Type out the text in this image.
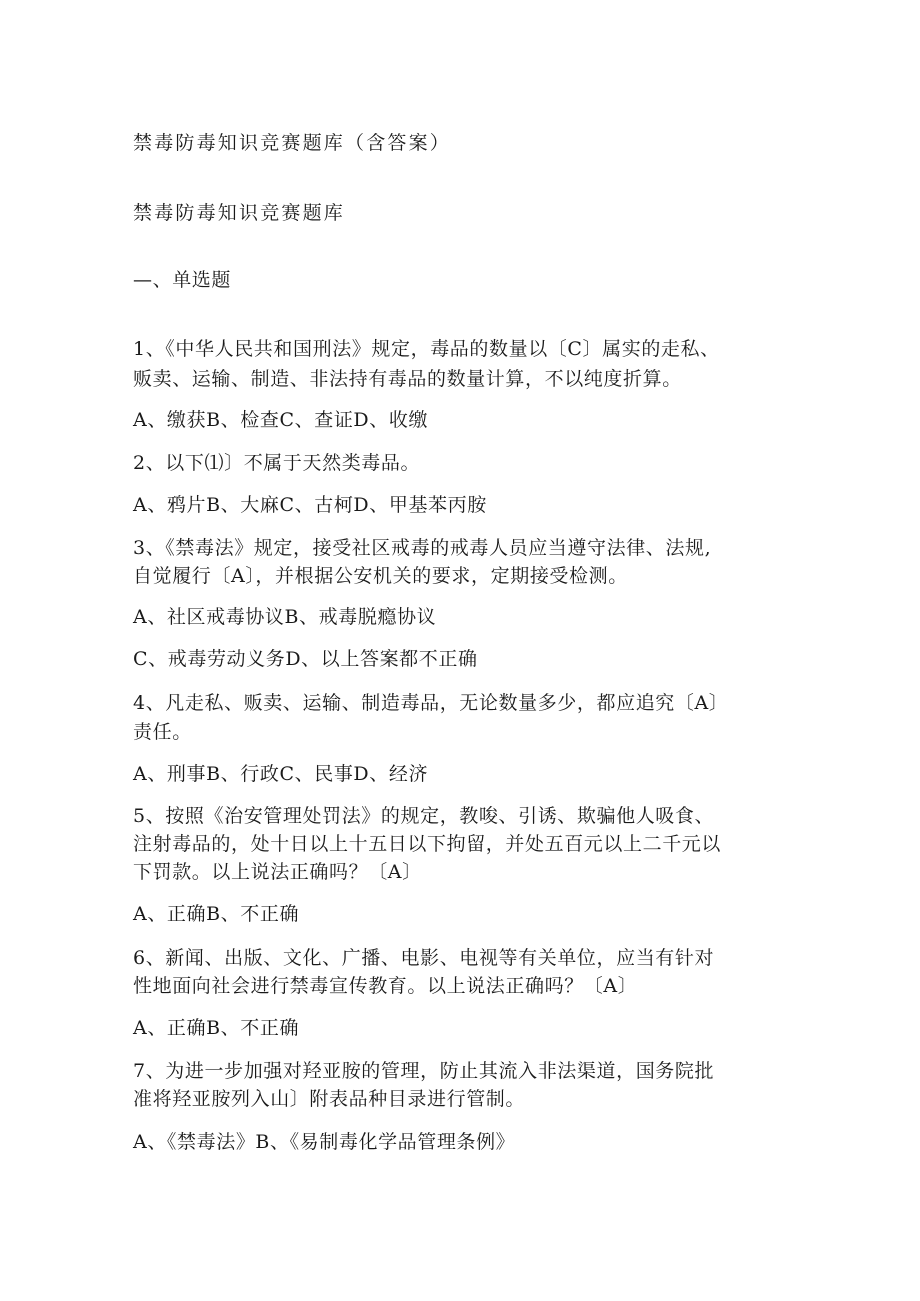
禁毒防毒知识竞赛题库（含答案）
禁毒防毒知识竞赛题库
—、单选题
1、《中华人民共和国刑法》规定，毒品的数量以〔C〕属实的走私、
贩卖、运输、制造、非法持有毒品的数量计算，不以纯度折算。
A、缴获B、检查C、查证D、收缴
2、以下⑴〕不属于天然类毒品。
A、鸦片B、大麻C、古柯D、甲基苯丙胺
3、《禁毒法》规定，接受社区戒毒的戒毒人员应当遵守法律、法规,
自觉履行〔A〕，并根据公安机关的要求，定期接受检测。
A、社区戒毒协议B、戒毒脱瘾协议
C、戒毒劳动义务D、以上答案都不正确
4、凡走私、贩卖、运输、制造毒品，无论数量多少，都应追究〔A〕
责任。
A、刑事B、行政C、民事D、经济
5、按照《治安管理处罚法》的规定，教唆、引诱、欺骗他人吸食、
注射毒品的，处十日以上十五日以下拘留，并处五百元以上二千元以
下罚款。以上说法正确吗？〔A〕
A、正确B、不正确
6、新闻、出版、文化、广播、电影、电视等有关单位，应当有针对
性地面向社会进行禁毒宣传教育。以上说法正确吗？〔A〕
A、正确B、不正确
7、为进一步加强对羟亚胺的管理，防止其流入非法渠道，国务院批
准将羟亚胺列入山〕附表品种目录进行管制。
A、《禁毒法》B、《易制毒化学品管理条例》
